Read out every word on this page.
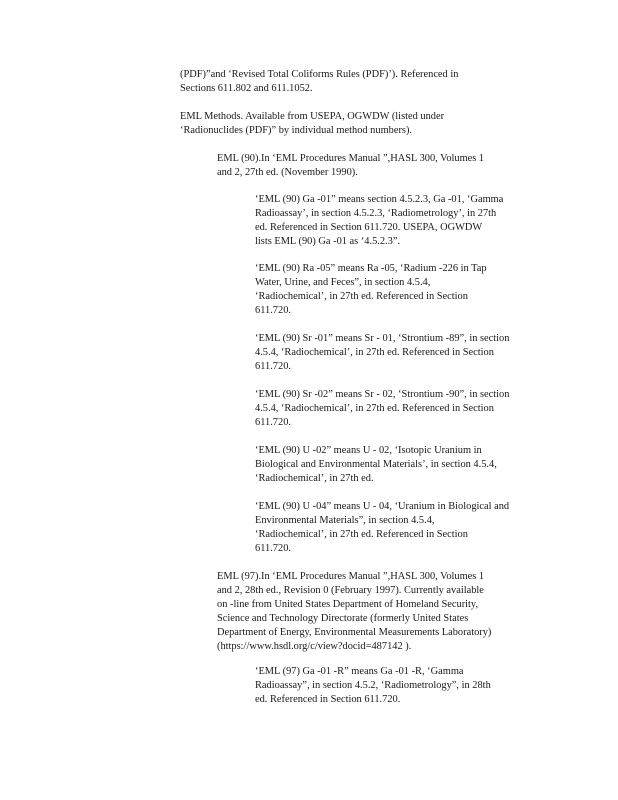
(PDF)”and ‘Revised Total Coliforms Rules (PDF)’). Referenced in
Sections 611.802 and 611.1052.
EML Methods. Available from USEPA, OGWDW (listed under
‘Radionuclides (PDF)” by individual method numbers).
EML (90).In ‘EML Procedures Manual ”,HASL 300, Volumes 1
and 2, 27th ed. (November 1990).
‘EML (90) Ga -01” means section 4.5.2.3, Ga -01, ‘Gamma
Radioassay’, in section 4.5.2.3, ‘Radiometrology’, in 27th
ed. Referenced in Section 611.720. USEPA, OGWDW
lists EML (90) Ga -01 as ‘4.5.2.3”.
‘EML (90) Ra -05” means Ra -05, ‘Radium -226 in Tap
Water, Urine, and Feces”, in section 4.5.4,
‘Radiochemical’, in 27th ed. Referenced in Section
611.720.
‘EML (90) Sr -01” means Sr - 01, ‘Strontium -89”, in section
4.5.4, ‘Radiochemical’, in 27th ed. Referenced in Section
611.720.
‘EML (90) Sr -02” means Sr - 02, ‘Strontium -90”, in section
4.5.4, ‘Radiochemical’, in 27th ed. Referenced in Section
611.720.
‘EML (90) U -02” means U - 02, ‘Isotopic Uranium in
Biological and Environmental Materials’, in section 4.5.4,
‘Radiochemical’, in 27th ed.
‘EML (90) U -04” means U - 04, ‘Uranium in Biological and
Environmental Materials”, in section 4.5.4,
‘Radiochemical’, in 27th ed. Referenced in Section
611.720.
EML (97).In ‘EML Procedures Manual ”,HASL 300, Volumes 1
and 2, 28th ed., Revision 0 (February 1997). Currently available
on -line from United States Department of Homeland Security,
Science and Technology Directorate (formerly United States
Department of Energy, Environmental Measurements Laboratory)
(https://www.hsdl.org/c/view?docid=487142 ).
‘EML (97) Ga -01 -R” means Ga -01 -R, ‘Gamma
Radioassay”, in section 4.5.2, ‘Radiometrology”, in 28th
ed. Referenced in Section 611.720.
